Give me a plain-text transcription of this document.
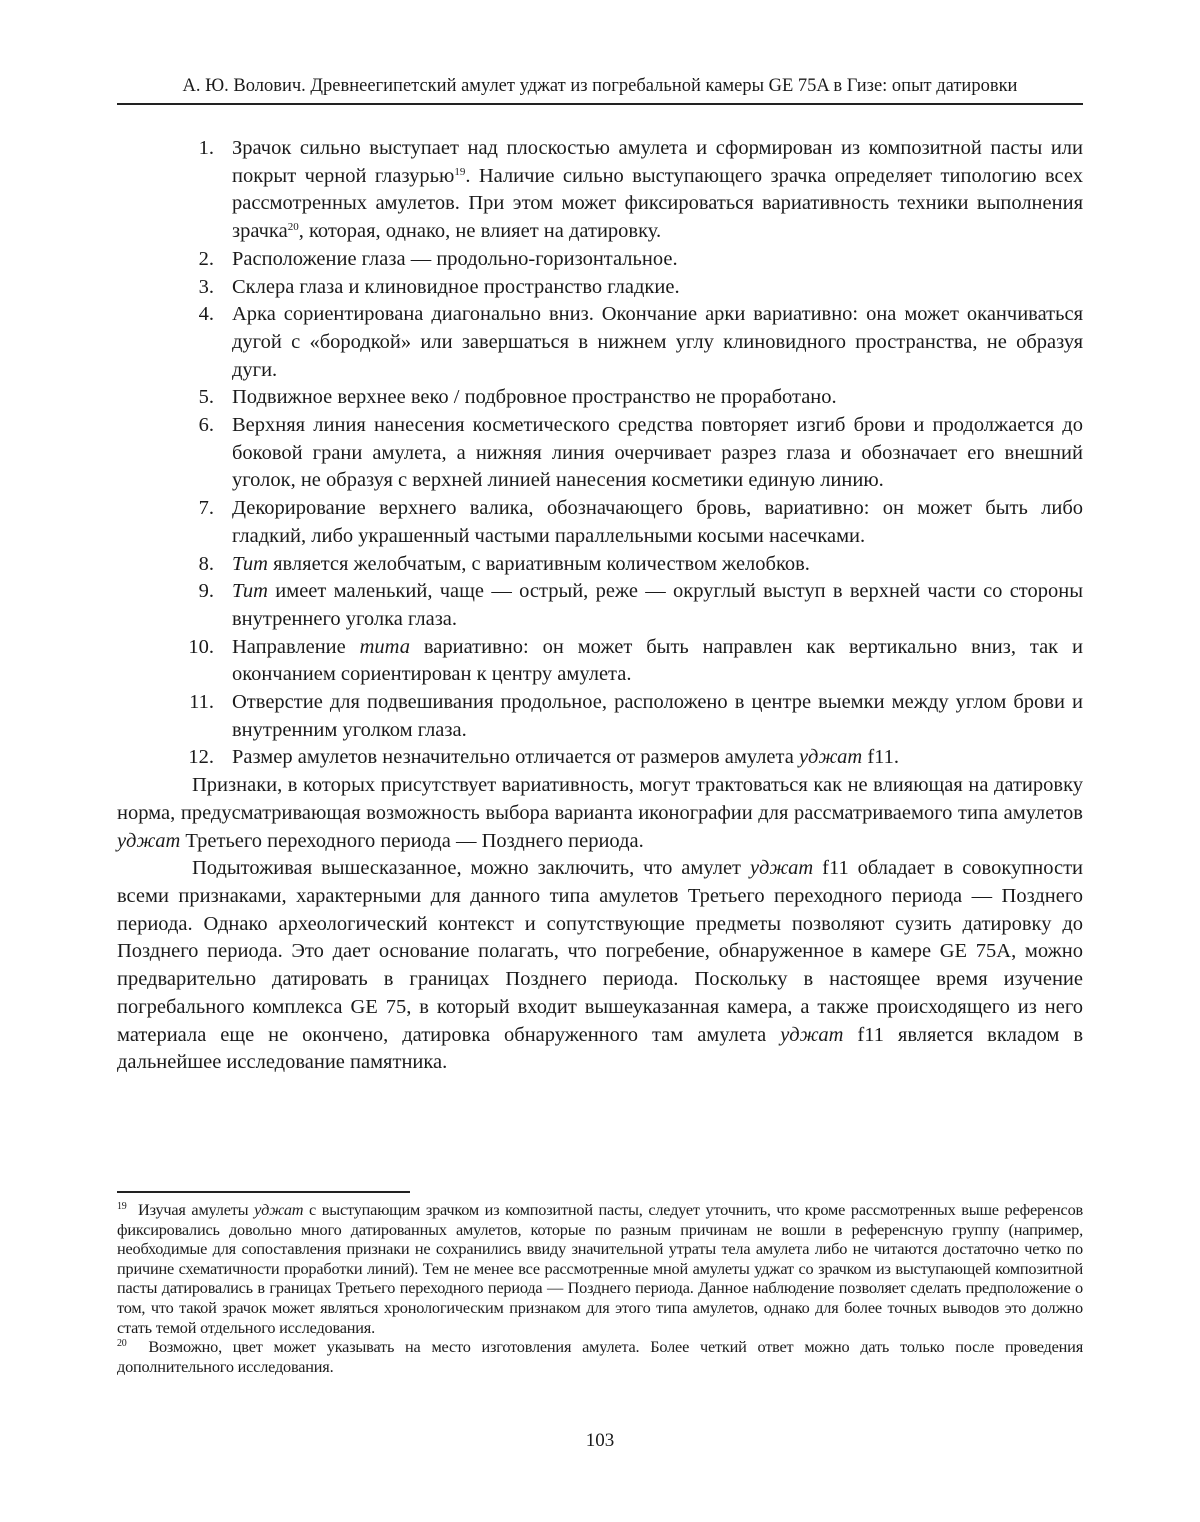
А. Ю. Волович. Древнеегипетский амулет уджат из погребальной камеры GE 75A в Гизе: опыт датировки
1. Зрачок сильно выступает над плоскостью амулета и сформирован из композитной пасты или покрыт черной глазурью$^{19}$. Наличие сильно выступающего зрачка определяет типологию всех рассмотренных амулетов. При этом может фиксироваться вариативность техники выполнения зрачка$^{20}$, которая, однако, не влияет на датировку.
2. Расположение глаза — продольно-горизонтальное.
3. Склера глаза и клиновидное пространство гладкие.
4. Арка сориентирована диагонально вниз. Окончание арки вариативно: она может оканчиваться дугой с «бородкой» или завершаться в нижнем углу клиновидного пространства, не образуя дуги.
5. Подвижное верхнее веко / подбровное пространство не проработано.
6. Верхняя линия нанесения косметического средства повторяет изгиб брови и продолжается до боковой грани амулета, а нижняя линия очерчивает разрез глаза и обозначает его внешний уголок, не образуя с верхней линией нанесения косметики единую линию.
7. Декорирование верхнего валика, обозначающего бровь, вариативно: он может быть либо гладкий, либо украшенный частыми параллельными косыми насечками.
8. Тит является желобчатым, с вариативным количеством желобков.
9. Тит имеет маленький, чаще — острый, реже — округлый выступ в верхней части со стороны внутреннего уголка глаза.
10. Направление тита вариативно: он может быть направлен как вертикально вниз, так и окончанием сориентирован к центру амулета.
11. Отверстие для подвешивания продольное, расположено в центре выемки между углом брови и внутренним уголком глаза.
12. Размер амулетов незначительно отличается от размеров амулета уджат f11.

Признаки, в которых присутствует вариативность, могут трактоваться как не влияющая на датировку норма, предусматривающая возможность выбора варианта иконографии для рассматриваемого типа амулетов уджат Третьего переходного периода — Позднего периода.

Подытоживая вышесказанное, можно заключить, что амулет уджат f11 обладает в совокупности всеми признаками, характерными для данного типа амулетов Третьего переходного периода — Позднего периода. Однако археологический контекст и сопутствующие предметы позволяют сузить датировку до Позднего периода. Это дает основание полагать, что погребение, обнаруженное в камере GE 75A, можно предварительно датировать в границах Позднего периода. Поскольку в настоящее время изучение погребального комплекса GE 75, в который входит вышеуказанная камера, а также происходящего из него материала еще не окончено, датировка обнаруженного там амулета уджат f11 является вкладом в дальнейшее исследование памятника.

$^{19}$ Изучая амулеты уджат с выступающим зрачком из композитной пасты, следует уточнить, что кроме рассмотренных выше референсов фиксировались довольно много датированных амулетов, которые по разным причинам не вошли в референсную группу (например, необходимые для сопоставления признаки не сохранились ввиду значительной утраты тела амулета либо не читаются достаточно четко по причине схематичности проработки линий). Тем не менее все рассмотренные мной амулеты уджат со зрачком из выступающей композитной пасты датировались в границах Третьего переходного периода — Позднего периода. Данное наблюдение позволяет сделать предположение о том, что такой зрачок может являться хронологическим признаком для этого типа амулетов, однако для более точных выводов это должно стать темой отдельного исследования.
$^{20}$ Возможно, цвет может указывать на место изготовления амулета. Более четкий ответ можно дать только после проведения дополнительного исследования.
103
